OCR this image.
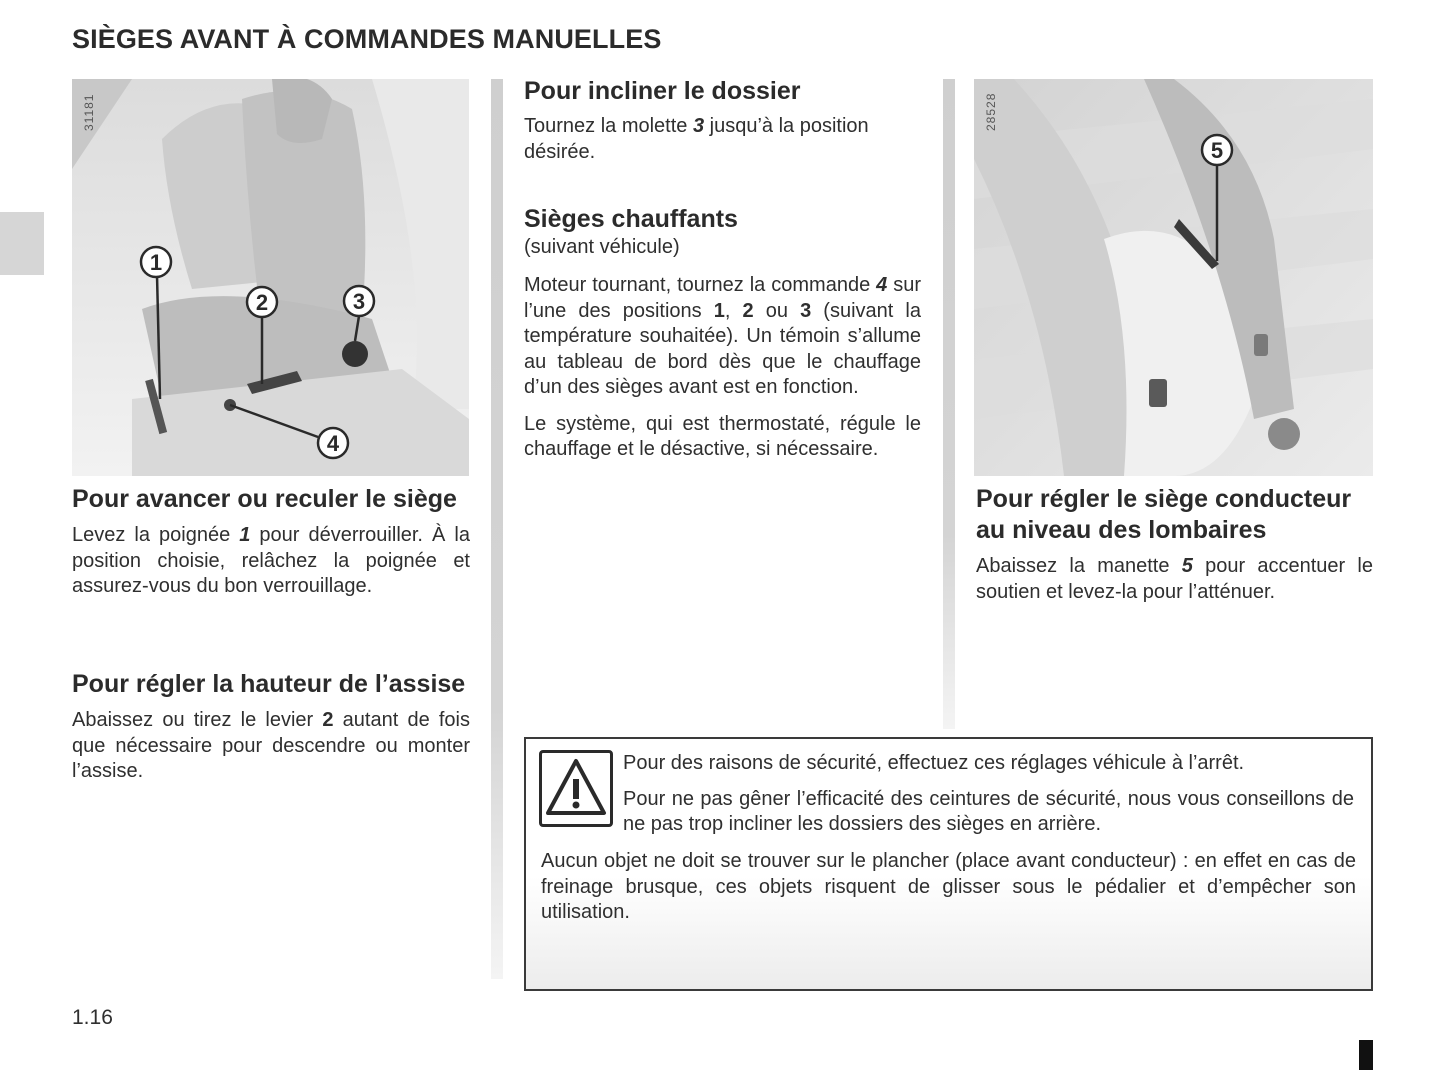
SIÈGES AVANT À COMMANDES MANUELLES
1
2	3
4
31181
5
28528
Pour avancer ou reculer le siège

Levez la poignée 1 pour déverrouiller. À la position choisie, relâchez la poignée et assurez-vous du bon verrouillage.

Pour régler la hauteur de l’assise

Abaissez ou tirez le levier 2 autant de fois que nécessaire pour descendre ou monter l’assise.

Pour incliner le dossier

Tournez la molette 3 jusqu’à la position désirée.

Sièges chauffants
(suivant véhicule)

Moteur tournant, tournez la commande 4 sur l’une des positions 1, 2 ou 3 (suivant la température souhaitée). Un témoin s’allume au tableau de bord dès que le chauffage d’un des sièges avant est en fonction.

Le système, qui est thermostaté, régule le chauffage et le désactive, si nécessaire.

Pour régler le siège conducteur au niveau des lombaires

Abaissez la manette 5 pour accentuer le soutien et levez-la pour l’atténuer.

Pour des raisons de sécurité, effectuez ces réglages véhicule à l’arrêt.

Pour ne pas gêner l’efficacité des ceintures de sécurité, nous vous conseillons de ne pas trop incliner les dossiers des sièges en arrière.

Aucun objet ne doit se trouver sur le plancher (place avant conducteur) : en effet en cas de freinage brusque, ces objets risquent de glisser sous le pédalier et d’empêcher son utilisation.

1.16
